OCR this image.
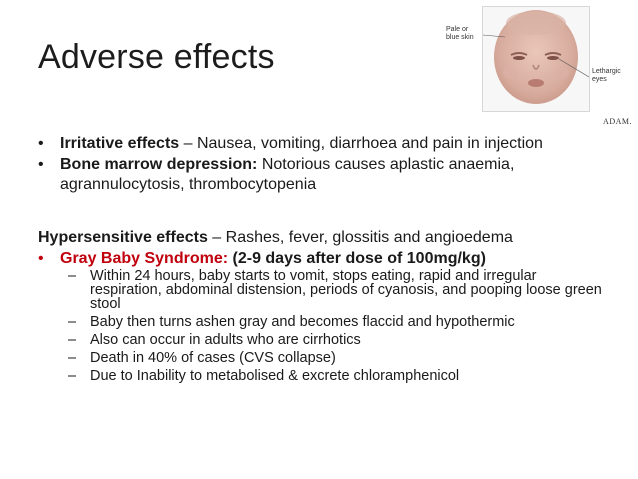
Adverse effects
Pale or
blue skin
Lethargic
eyes
ADAM.
• Irritative effects – Nausea, vomiting, diarrhoea and pain in injection
• Bone marrow depression: Notorious causes aplastic anaemia, agrannulocytosis, thrombocytopenia
Hypersensitive effects – Rashes, fever, glossitis and angioedema
• Gray Baby Syndrome: (2-9 days after dose of 100mg/kg)
– Within 24 hours, baby starts to vomit, stops eating, rapid and irregular respiration, abdominal distension, periods of cyanosis, and pooping loose green stool
– Baby then turns ashen gray and becomes flaccid and hypothermic
– Also can occur in adults who are cirrhotics
– Death in 40% of cases (CVS collapse)
– Due to Inability to metabolised & excrete chloramphenicol
